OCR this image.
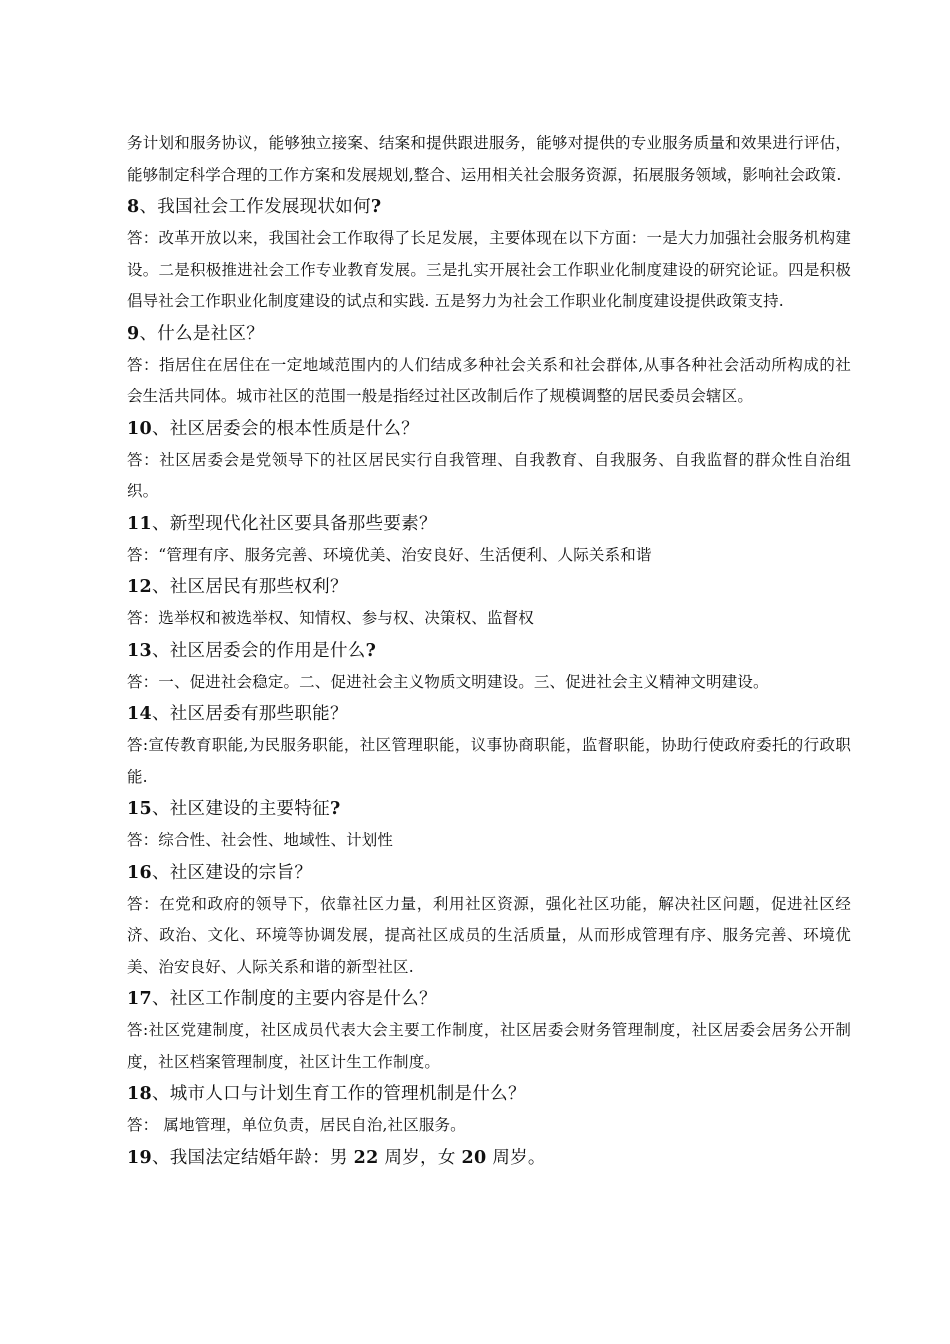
务计划和服务协议，能够独立接案、结案和提供跟进服务，能够对提供的专业服务质量和效果进行评估，能够制定科学合理的工作方案和发展规划,整合、运用相关社会服务资源，拓展服务领域，影响社会政策.

8、我国社会工作发展现状如何?

答：改革开放以来，我国社会工作取得了长足发展，主要体现在以下方面：一是大力加强社会服务机构建设。二是积极推进社会工作专业教育发展。三是扎实开展社会工作职业化制度建设的研究论证。四是积极倡导社会工作职业化制度建设的试点和实践. 五是努力为社会工作职业化制度建设提供政策支持.

9、什么是社区？

答：指居住在居住在一定地域范围内的人们结成多种社会关系和社会群体,从事各种社会活动所构成的社会生活共同体。城市社区的范围一般是指经过社区改制后作了规模调整的居民委员会辖区。

10、社区居委会的根本性质是什么？

答：社区居委会是党领导下的社区居民实行自我管理、自我教育、自我服务、自我监督的群众性自治组织。

11、新型现代化社区要具备那些要素？

答：“管理有序、服务完善、环境优美、治安良好、生活便利、人际关系和谐

12、社区居民有那些权利？

答：选举权和被选举权、知情权、参与权、决策权、监督权

13、社区居委会的作用是什么?

答：一、促进社会稳定。二、促进社会主义物质文明建设。三、促进社会主义精神文明建设。

14、社区居委有那些职能？

答:宣传教育职能,为民服务职能，社区管理职能，议事协商职能，监督职能，协助行使政府委托的行政职能.

15、社区建设的主要特征?

答：综合性、社会性、地域性、计划性

16、社区建设的宗旨？

答：在党和政府的领导下，依靠社区力量，利用社区资源，强化社区功能，解决社区问题，促进社区经济、政治、文化、环境等协调发展，提高社区成员的生活质量，从而形成管理有序、服务完善、环境优美、治安良好、人际关系和谐的新型社区.

17、社区工作制度的主要内容是什么？

答:社区党建制度，社区成员代表大会主要工作制度，社区居委会财务管理制度，社区居委会居务公开制度，社区档案管理制度，社区计生工作制度。

18、城市人口与计划生育工作的管理机制是什么？

答： 属地管理，单位负责，居民自治,社区服务。

19、我国法定结婚年龄：男 22 周岁，女 20 周岁。
